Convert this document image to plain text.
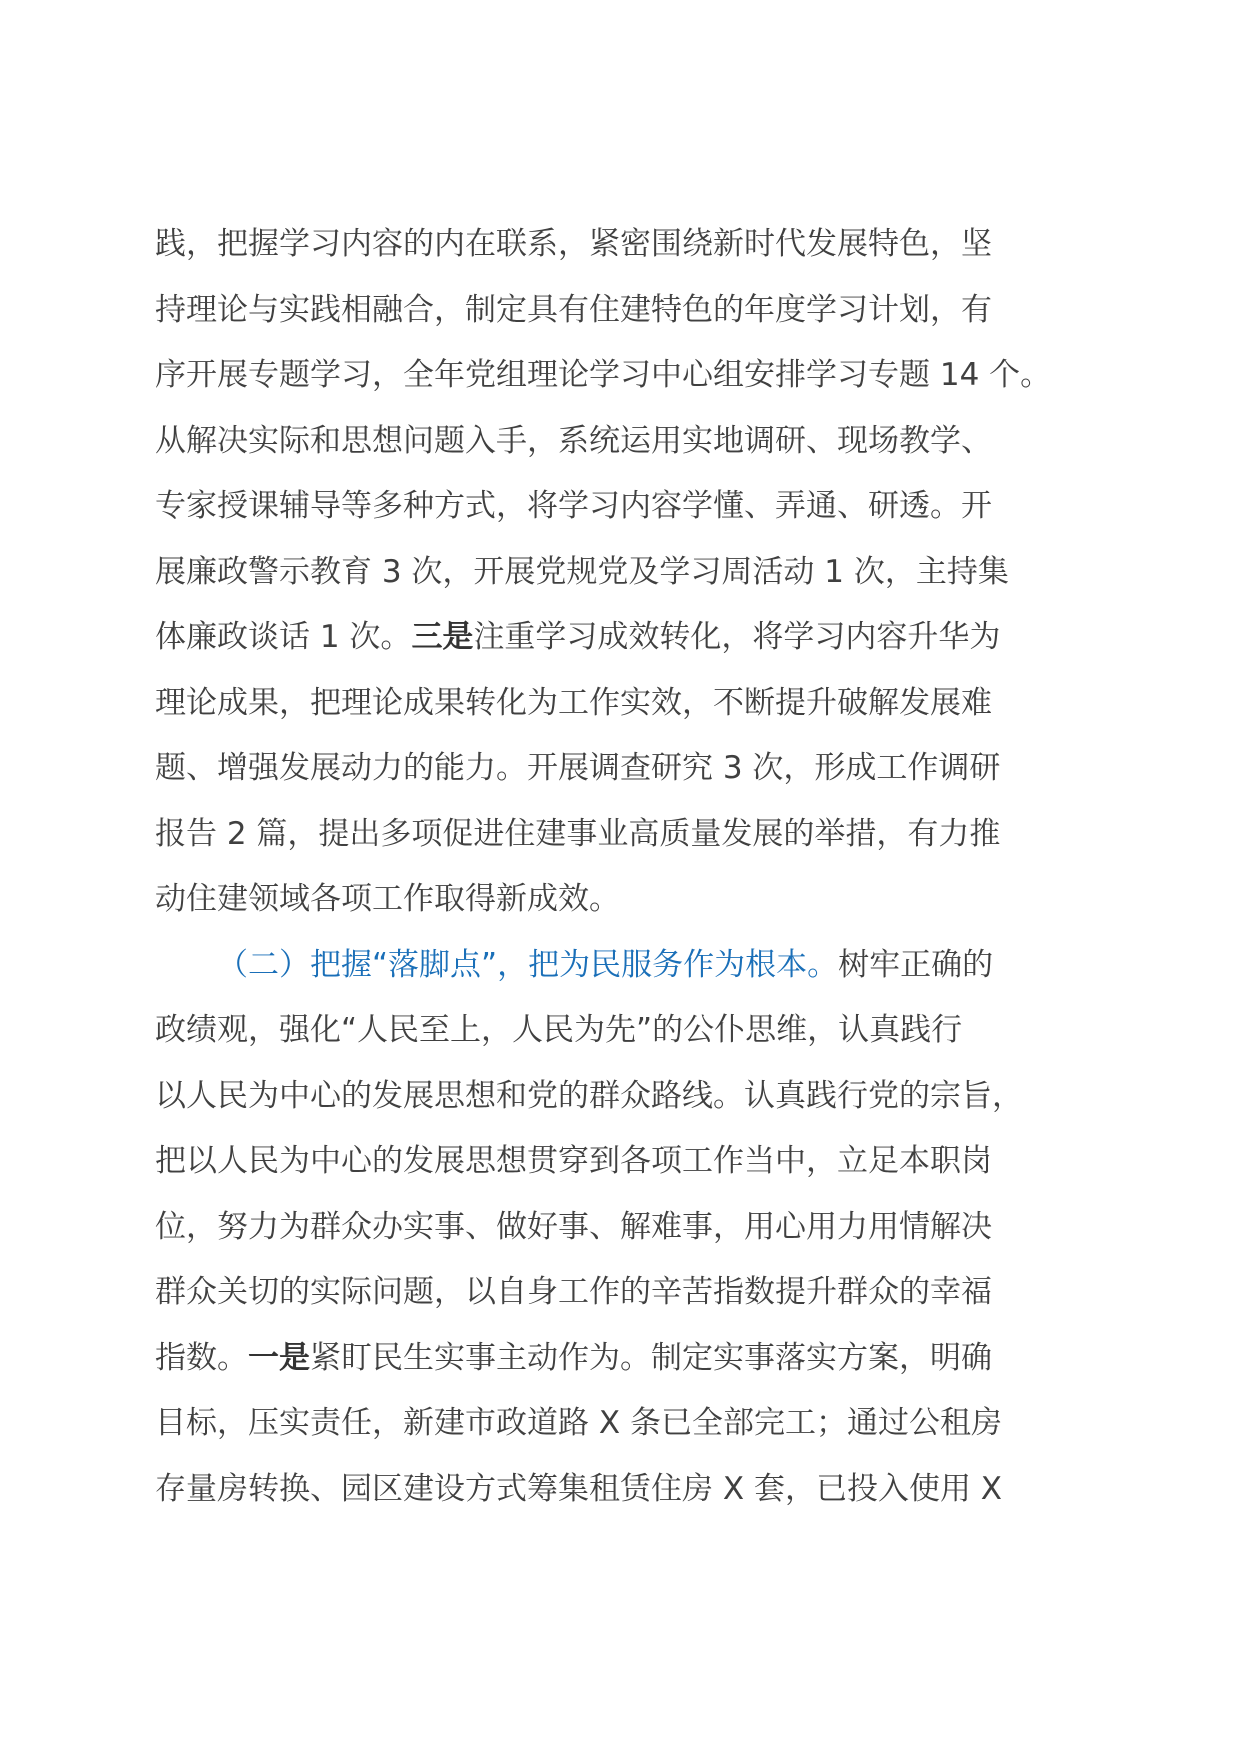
践，把握学习内容的内在联系，紧密围绕新时代发展特色，坚
持理论与实践相融合，制定具有住建特色的年度学习计划，有
序开展专题学习，全年党组理论学习中心组安排学习专题 14 个。
从解决实际和思想问题入手，系统运用实地调研、现场教学、
专家授课辅导等多种方式，将学习内容学懂、弄通、研透。开
展廉政警示教育 3 次，开展党规党及学习周活动 1 次，主持集
体廉政谈话 1 次。三是注重学习成效转化，将学习内容升华为
理论成果，把理论成果转化为工作实效，不断提升破解发展难
题、增强发展动力的能力。开展调查研究 3 次，形成工作调研
报告 2 篇，提出多项促进住建事业高质量发展的举措，有力推
动住建领域各项工作取得新成效。
（二）把握“落脚点”，把为民服务作为根本。树牢正确的
政绩观，强化“人民至上，人民为先”的公仆思维，认真践行
以人民为中心的发展思想和党的群众路线。认真践行党的宗旨，
把以人民为中心的发展思想贯穿到各项工作当中，立足本职岗
位，努力为群众办实事、做好事、解难事，用心用力用情解决
群众关切的实际问题，以自身工作的辛苦指数提升群众的幸福
指数。一是紧盯民生实事主动作为。制定实事落实方案，明确
目标，压实责任，新建市政道路 X 条已全部完工；通过公租房
存量房转换、园区建设方式筹集租赁住房 X 套，已投入使用 X
